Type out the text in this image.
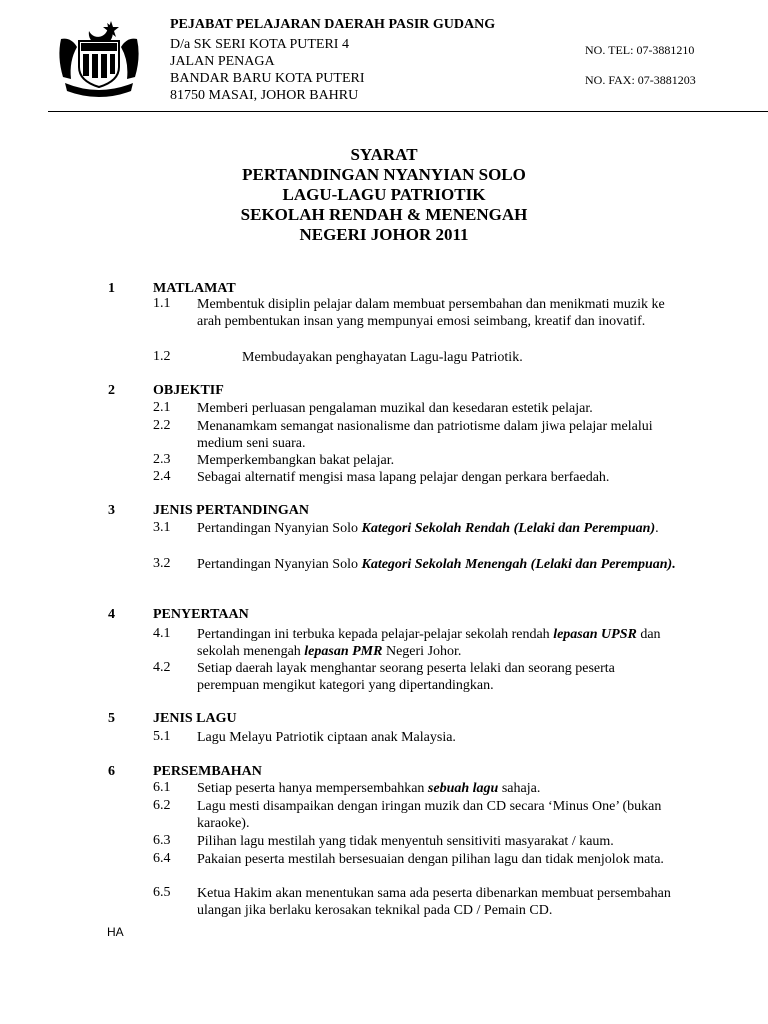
PEJABAT PELAJARAN DAERAH PASIR GUDANG
D/a SK SERI KOTA PUTERI 4
JALAN PENAGA
BANDAR BARU KOTA PUTERI
81750 MASAI, JOHOR BAHRU
NO. TEL: 07-3881210
NO. FAX: 07-3881203
SYARAT
PERTANDINGAN NYANYIAN SOLO
LAGU-LAGU PATRIOTIK
SEKOLAH RENDAH & MENENGAH
NEGERI JOHOR 2011
1	MATLAMAT
1.1 Membentuk disiplin pelajar dalam membuat persembahan dan menikmati muzik ke arah pembentukan insan yang mempunyai emosi seimbang, kreatif dan inovatif.
1.2	Membudayakan penghayatan Lagu-lagu Patriotik.
2	OBJEKTIF
2.1 Memberi perluasan pengalaman muzikal dan kesedaran estetik pelajar.
2.2 Menanamkam semangat nasionalisme dan patriotisme dalam jiwa pelajar melalui medium seni suara.
2.3 Memperkembangkan bakat pelajar.
2.4 Sebagai alternatif mengisi masa lapang pelajar dengan perkara berfaedah.
3	JENIS PERTANDINGAN
3.1 Pertandingan Nyanyian Solo Kategori Sekolah Rendah (Lelaki dan Perempuan).
3.2 Pertandingan Nyanyian Solo Kategori Sekolah Menengah (Lelaki dan Perempuan).
4	PENYERTAAN
4.1 Pertandingan ini terbuka kepada pelajar-pelajar sekolah rendah lepasan UPSR dan sekolah menengah lepasan PMR Negeri Johor.
4.2 Setiap daerah layak menghantar seorang peserta lelaki dan seorang peserta perempuan mengikut kategori yang dipertandingkan.
5	JENIS LAGU
5.1 Lagu Melayu Patriotik ciptaan anak Malaysia.
6	PERSEMBAHAN
6.1 Setiap peserta hanya mempersembahkan sebuah lagu sahaja.
6.2 Lagu mesti disampaikan dengan iringan muzik dan CD secara ‘Minus One’ (bukan karaoke).
6.3 Pilihan lagu mestilah yang tidak menyentuh sensitiviti masyarakat / kaum.
6.4 Pakaian peserta mestilah bersesuaian dengan pilihan lagu dan tidak menjolok mata.
6.5 Ketua Hakim akan menentukan sama ada peserta dibenarkan membuat persembahan ulangan jika berlaku kerosakan teknikal pada CD / Pemain CD.
HA
